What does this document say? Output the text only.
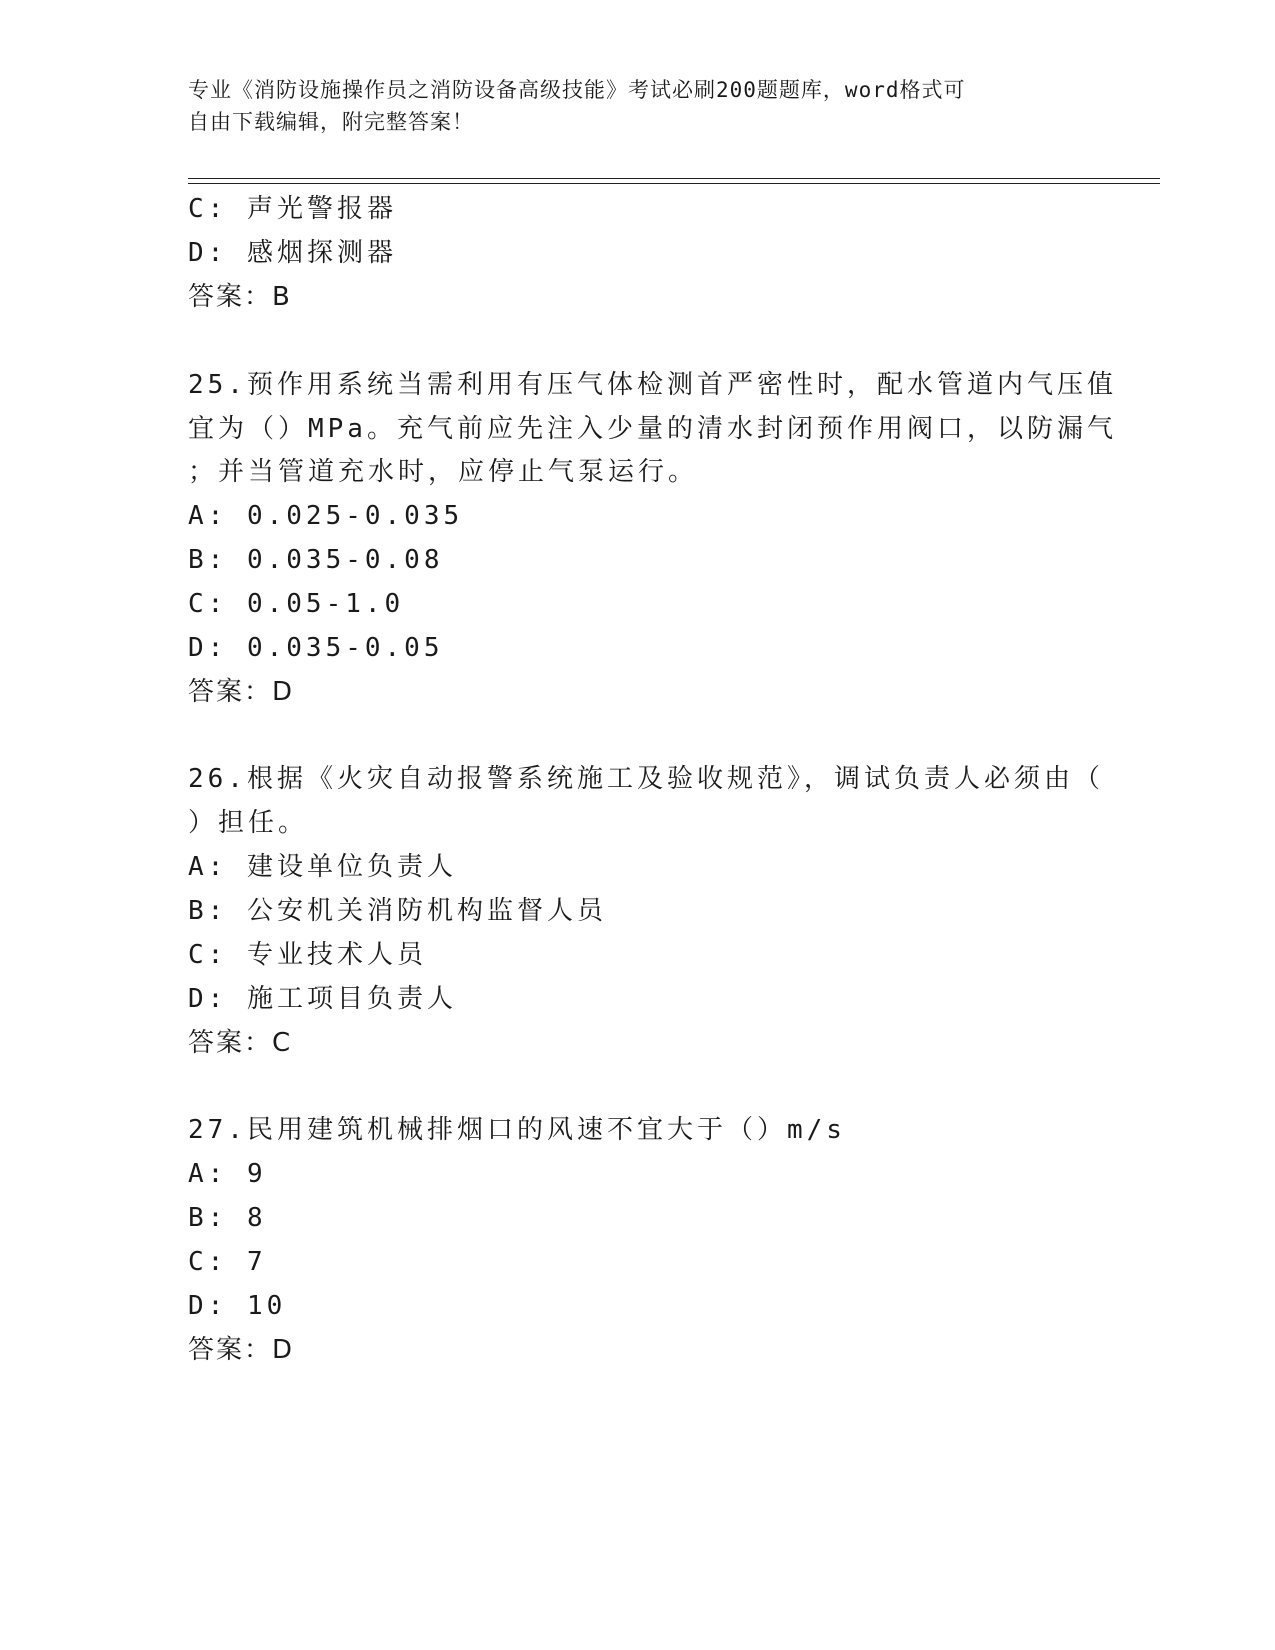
专业《消防设施操作员之消防设备高级技能》考试必刷200题题库，word格式可
自由下载编辑，附完整答案！
C: 声光警报器
D: 感烟探测器
答案：B
25.预作用系统当需利用有压气体检测首严密性时，配水管道内气压值
宜为（）MPa。充气前应先注入少量的清水封闭预作用阀口，以防漏气
；并当管道充水时，应停止气泵运行。
A: 0.025-0.035
B: 0.035-0.08
C: 0.05-1.0
D: 0.035-0.05
答案：D
26.根据《火灾自动报警系统施工及验收规范》，调试负责人必须由（
）担任。
A: 建设单位负责人
B: 公安机关消防机构监督人员
C: 专业技术人员
D: 施工项目负责人
答案：C
27.民用建筑机械排烟口的风速不宜大于（）m/s
A: 9
B: 8
C: 7
D: 10
答案：D
